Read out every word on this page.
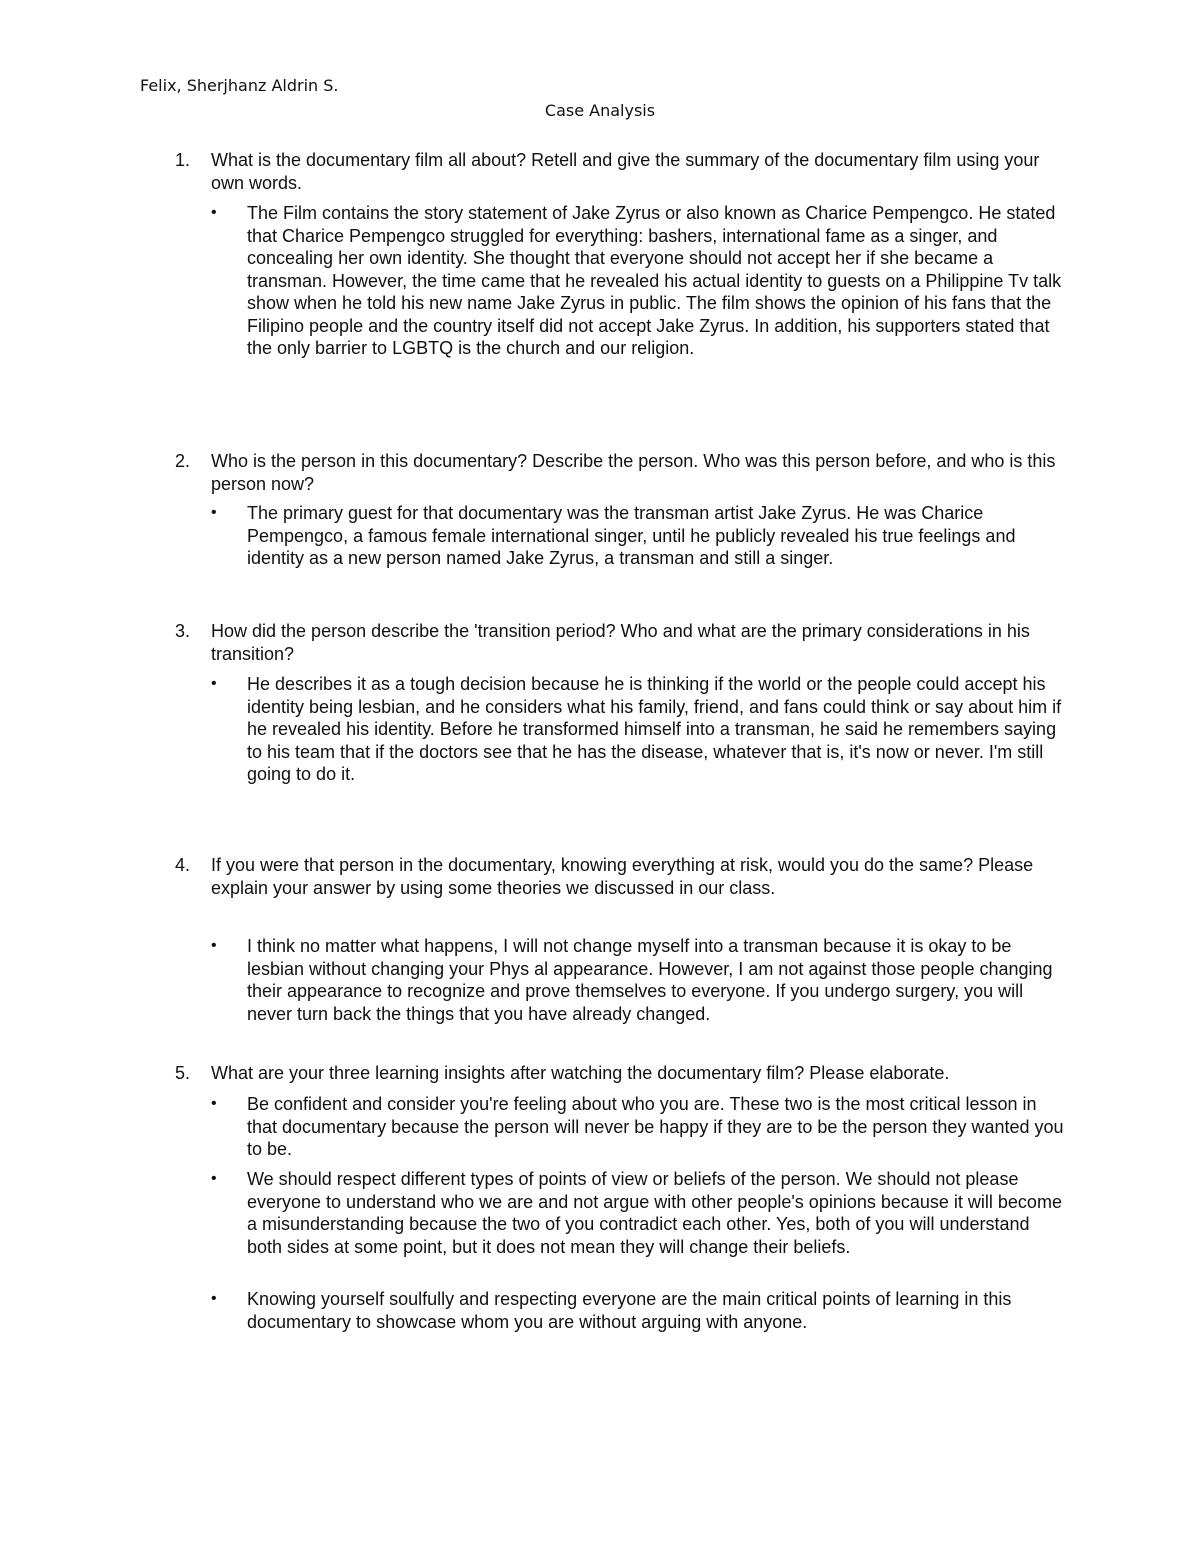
Felix, Sherjhanz Aldrin S.

Case Analysis
1. What is the documentary film all about? Retell and give the summary of the documentary film using your own words.

• The Film contains the story statement of Jake Zyrus or also known as Charice Pempengco. He stated that Charice Pempengco struggled for everything: bashers, international fame as a singer, and concealing her own identity. She thought that everyone should not accept her if she became a transman. However, the time came that he revealed his actual identity to guests on a Philippine Tv talk show when he told his new name Jake Zyrus in public. The film shows the opinion of his fans that the Filipino people and the country itself did not accept Jake Zyrus. In addition, his supporters stated that the only barrier to LGBTQ is the church and our religion.

2. Who is the person in this documentary? Describe the person. Who was this person before, and who is this person now?

• The primary guest for that documentary was the transman artist Jake Zyrus. He was Charice Pempengco, a famous female international singer, until he publicly revealed his true feelings and identity as a new person named Jake Zyrus, a transman and still a singer.

3. How did the person describe the 'transition period? Who and what are the primary considerations in his transition?

• He describes it as a tough decision because he is thinking if the world or the people could accept his identity being lesbian, and he considers what his family, friend, and fans could think or say about him if he revealed his identity. Before he transformed himself into a transman, he said he remembers saying to his team that if the doctors see that he has the disease, whatever that is, it's now or never. I'm still going to do it.

4. If you were that person in the documentary, knowing everything at risk, would you do the same? Please explain your answer by using some theories we discussed in our class.

• I think no matter what happens, I will not change myself into a transman because it is okay to be lesbian without changing your Phys al appearance. However, I am not against those people changing their appearance to recognize and prove themselves to everyone. If you undergo surgery, you will never turn back the things that you have already changed.

5. What are your three learning insights after watching the documentary film? Please elaborate.

• Be confident and consider you're feeling about who you are. These two is the most critical lesson in that documentary because the person will never be happy if they are to be the person they wanted you to be.

• We should respect different types of points of view or beliefs of the person. We should not please everyone to understand who we are and not argue with other people's opinions because it will become a misunderstanding because the two of you contradict each other. Yes, both of you will understand both sides at some point, but it does not mean they will change their beliefs.

• Knowing yourself soulfully and respecting everyone are the main critical points of learning in this documentary to showcase whom you are without arguing with anyone.
